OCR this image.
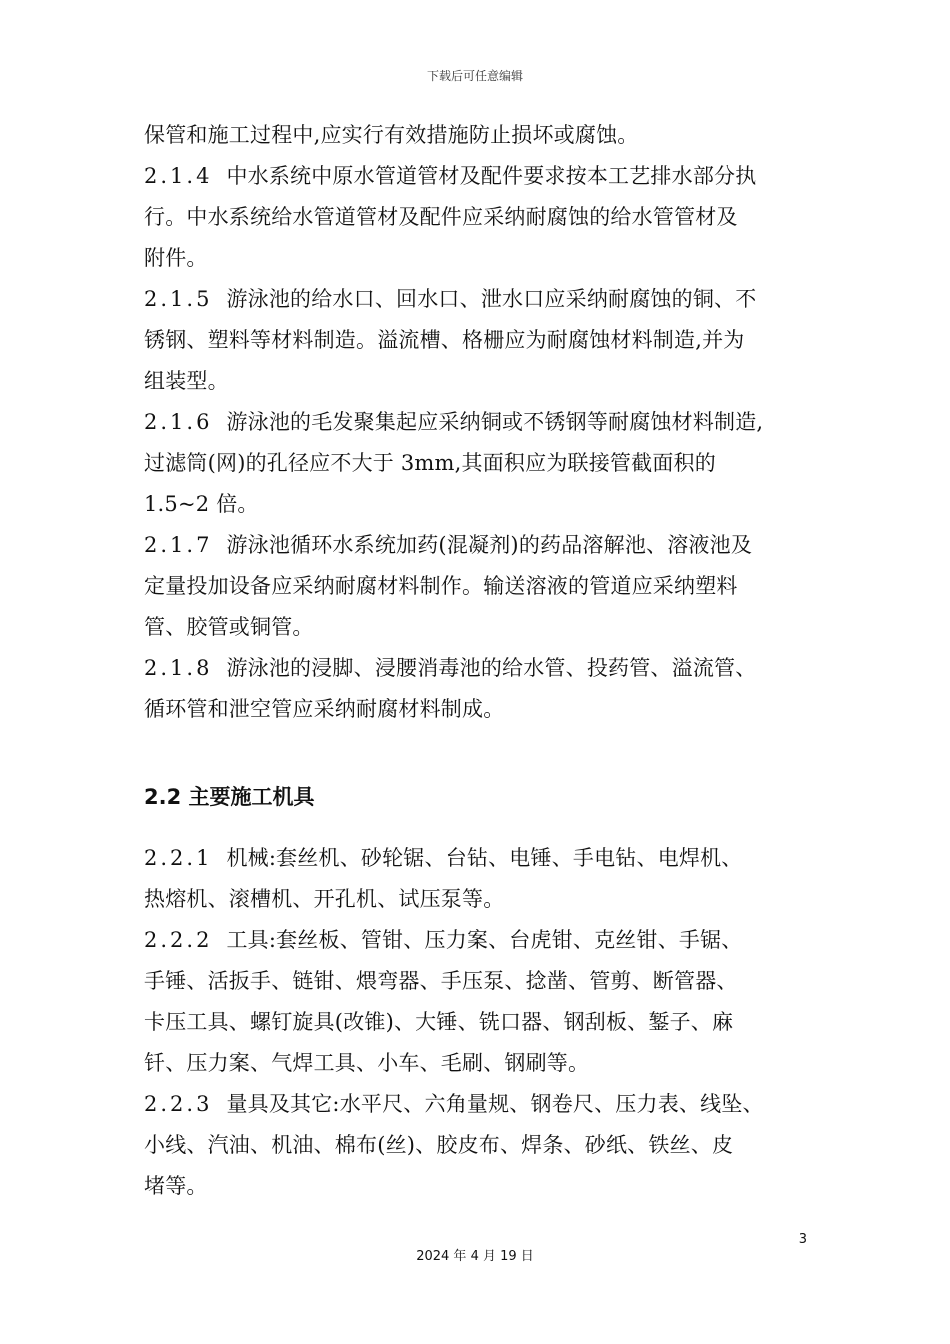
下载后可任意编辑

保管和施工过程中,应实行有效措施防止损坏或腐蚀。

2.1.4 中水系统中原水管道管材及配件要求按本工艺排水部分执
行。中水系统给水管道管材及配件应采纳耐腐蚀的给水管管材及
附件。

2.1.5 游泳池的给水口、回水口、泄水口应采纳耐腐蚀的铜、不
锈钢、塑料等材料制造。溢流槽、格栅应为耐腐蚀材料制造,并为
组装型。

2.1.6 游泳池的毛发聚集起应采纳铜或不锈钢等耐腐蚀材料制造,
过滤筒(网)的孔径应不大于 3mm,其面积应为联接管截面积的
1.5~2 倍。

2.1.7 游泳池循环水系统加药(混凝剂)的药品溶解池、溶液池及
定量投加设备应采纳耐腐材料制作。输送溶液的管道应采纳塑料
管、胶管或铜管。

2.1.8 游泳池的浸脚、浸腰消毒池的给水管、投药管、溢流管、
循环管和泄空管应采纳耐腐材料制成。

2.2 主要施工机具

2.2.1 机械:套丝机、砂轮锯、台钻、电锤、手电钻、电焊机、
热熔机、滚槽机、开孔机、试压泵等。

2.2.2 工具:套丝板、管钳、压力案、台虎钳、克丝钳、手锯、
手锤、活扳手、链钳、煨弯器、手压泵、捻凿、管剪、断管器、
卡压工具、螺钉旋具(改锥)、大锤、铣口器、钢刮板、錾子、麻
钎、压力案、气焊工具、小车、毛刷、钢刷等。

2.2.3 量具及其它:水平尺、六角量规、钢卷尺、压力表、线坠、
小线、汽油、机油、棉布(丝)、胶皮布、焊条、砂纸、铁丝、皮
堵等。

3
2024 年 4 月 19 日
